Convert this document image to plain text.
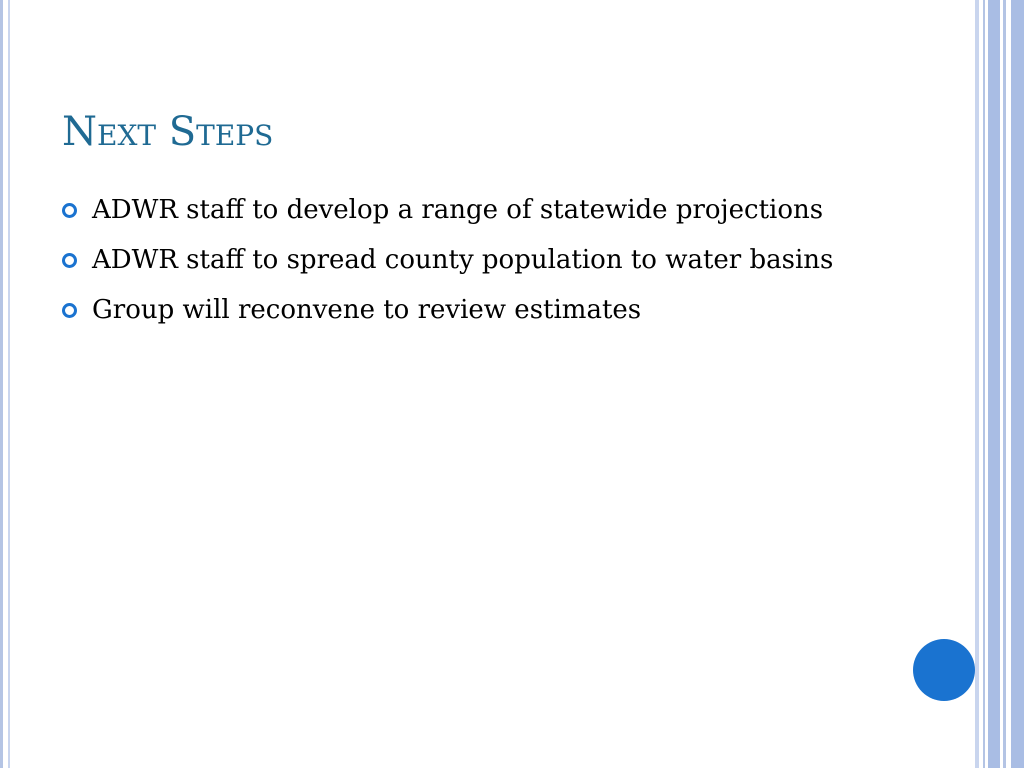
Next Steps
ADWR staff to develop a range of statewide projections
ADWR staff to spread county population to water basins
Group will reconvene to review estimates
